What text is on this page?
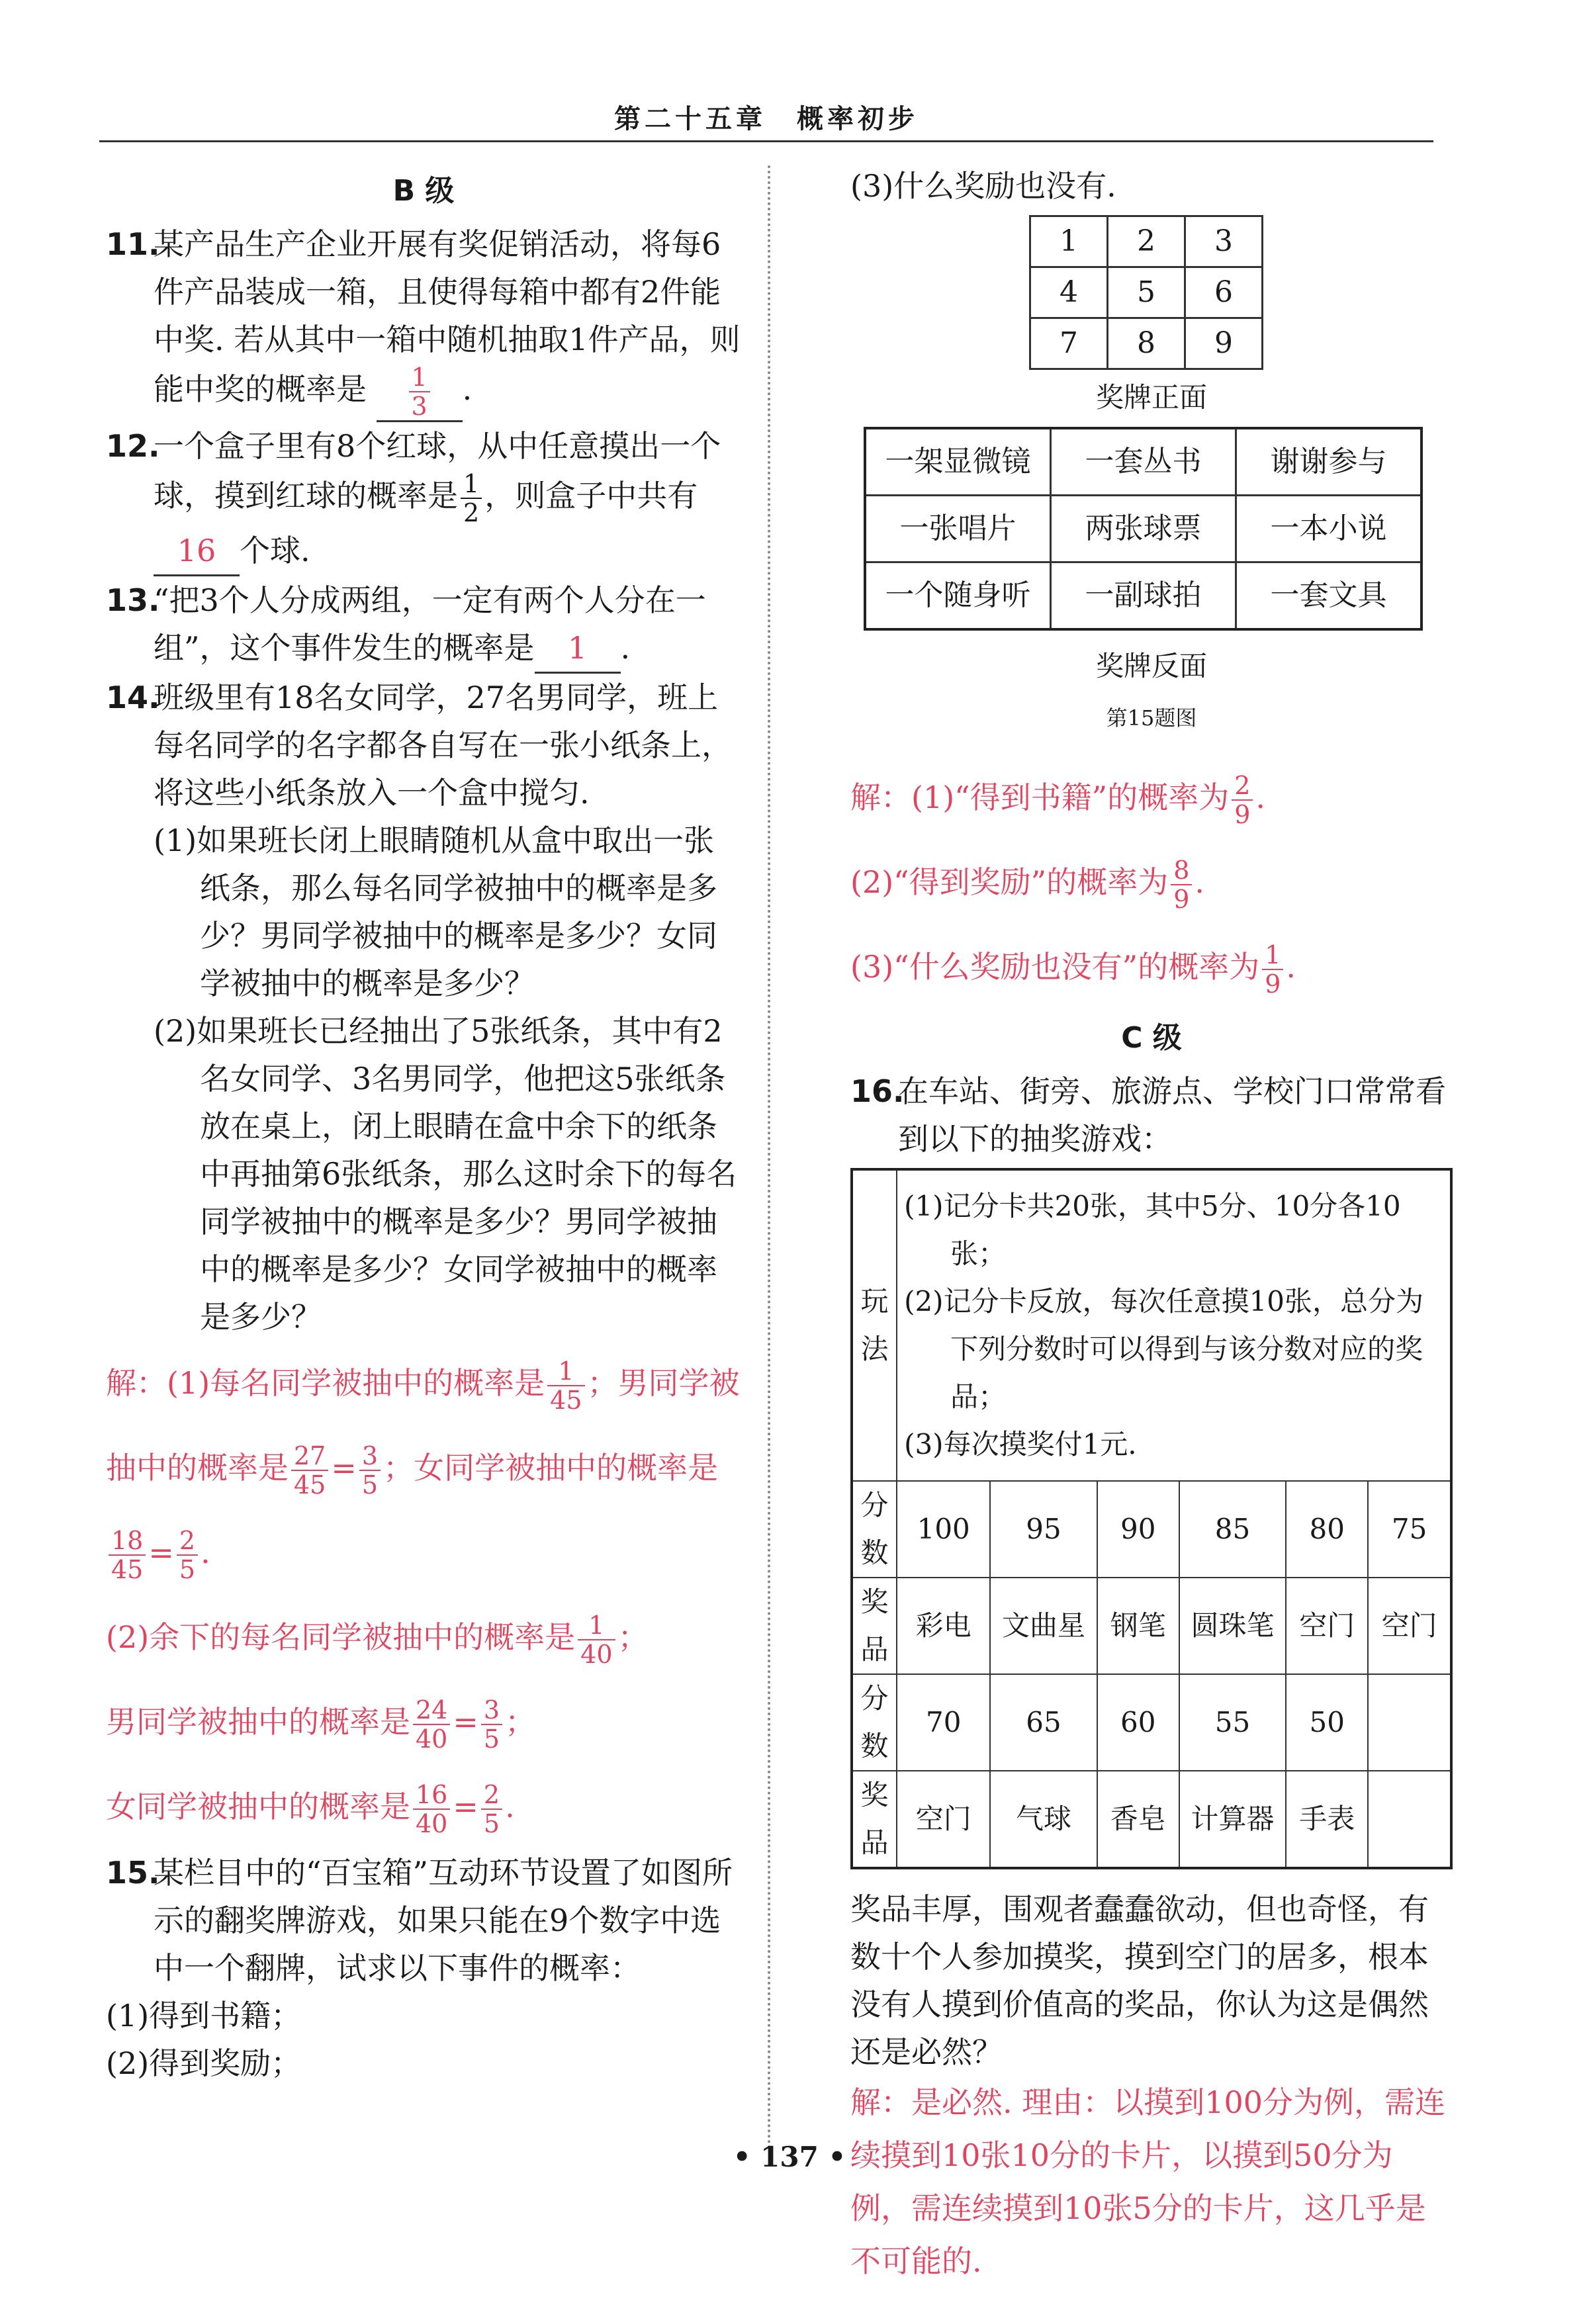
第二十五章　概率初步
B 级
11.
某产品生产企业开展有奖促销活动，将每6件产品装成一箱，且使得每箱中都有2件能中奖. 若从其中一箱中随机抽取1件产品，则能中奖的概率是 $\frac{1}{3}$ .
12.
一个盒子里有8个红球，从中任意摸出一个球，摸到红球的概率是 $\frac{1}{2}$ ，则盒子中共有
16 个球.
13.
“把3个人分成两组，一定有两个人分在一组”，这个事件发生的概率是 1 .
14.
班级里有18名女同学，27名男同学，班上每名同学的名字都各自写在一张小纸条上，将这些小纸条放入一个盒中搅匀.
(1)如果班长闭上眼睛随机从盒中取出一张纸条，那么每名同学被抽中的概率是多少？男同学被抽中的概率是多少？女同学被抽中的概率是多少？
(2)如果班长已经抽出了5张纸条，其中有2名女同学、3名男同学，他把这5张纸条放在桌上，闭上眼睛在盒中余下的纸条中再抽第6张纸条，那么这时余下的每名同学被抽中的概率是多少？男同学被抽中的概率是多少？女同学被抽中的概率是多少？
解：(1)每名同学被抽中的概率是 $\frac{1}{45}$ ；男同学被抽中的概率是 $\frac{27}{45} = \frac{3}{5}$ ；女同学被抽中的概率是
$\frac{18}{45} = \frac{2}{5}$ .
(2)余下的每名同学被抽中的概率是 $\frac{1}{40}$ ；
男同学被抽中的概率是 $\frac{24}{40} = \frac{3}{5}$ ；
女同学被抽中的概率是 $\frac{16}{40} = \frac{2}{5}$ .
15.
某栏目中的“百宝箱”互动环节设置了如图所示的翻奖牌游戏，如果只能在9个数字中选中一个翻牌，试求以下事件的概率：
(1)得到书籍；
(2)得到奖励；
(3)什么奖励也没有.
1	2	3
4	5	6
7	8	9
奖牌正面
一架显微镜	一套丛书	谢谢参与
一张唱片	两张球票	一本小说
一个随身听	一副球拍	一套文具
奖牌反面
第15题图
解：(1)“得到书籍”的概率为 $\frac{2}{9}$ .
(2)“得到奖励”的概率为 $\frac{8}{9}$ .
(3)“什么奖励也没有”的概率为 $\frac{1}{9}$ .
C 级
16.
在车站、街旁、旅游点、学校门口常常看到以下的抽奖游戏：
玩法	(1)记分卡共20张，其中5分、10分各10张；
(2)记分卡反放，每次任意摸10张，总分为下列分数时可以得到与该分数对应的奖品；
(3)每次摸奖付1元.					

分数	100	95	90	85	80	75
奖品	彩电	文曲星	钢笔	圆珠笔	空门	空门
分数	70	65	60	55	50	
奖品	空门	气球	香皂	计算器	手表	
奖品丰厚，围观者蠢蠢欲动，但也奇怪，有数十个人参加摸奖，摸到空门的居多，根本没有人摸到价值高的奖品，你认为这是偶然还是必然？
解：是必然. 理由：以摸到100分为例，需连续摸到10张10分的卡片，以摸到50分为例，需连续摸到10张5分的卡片，这几乎是不可能的.
• 137 •
